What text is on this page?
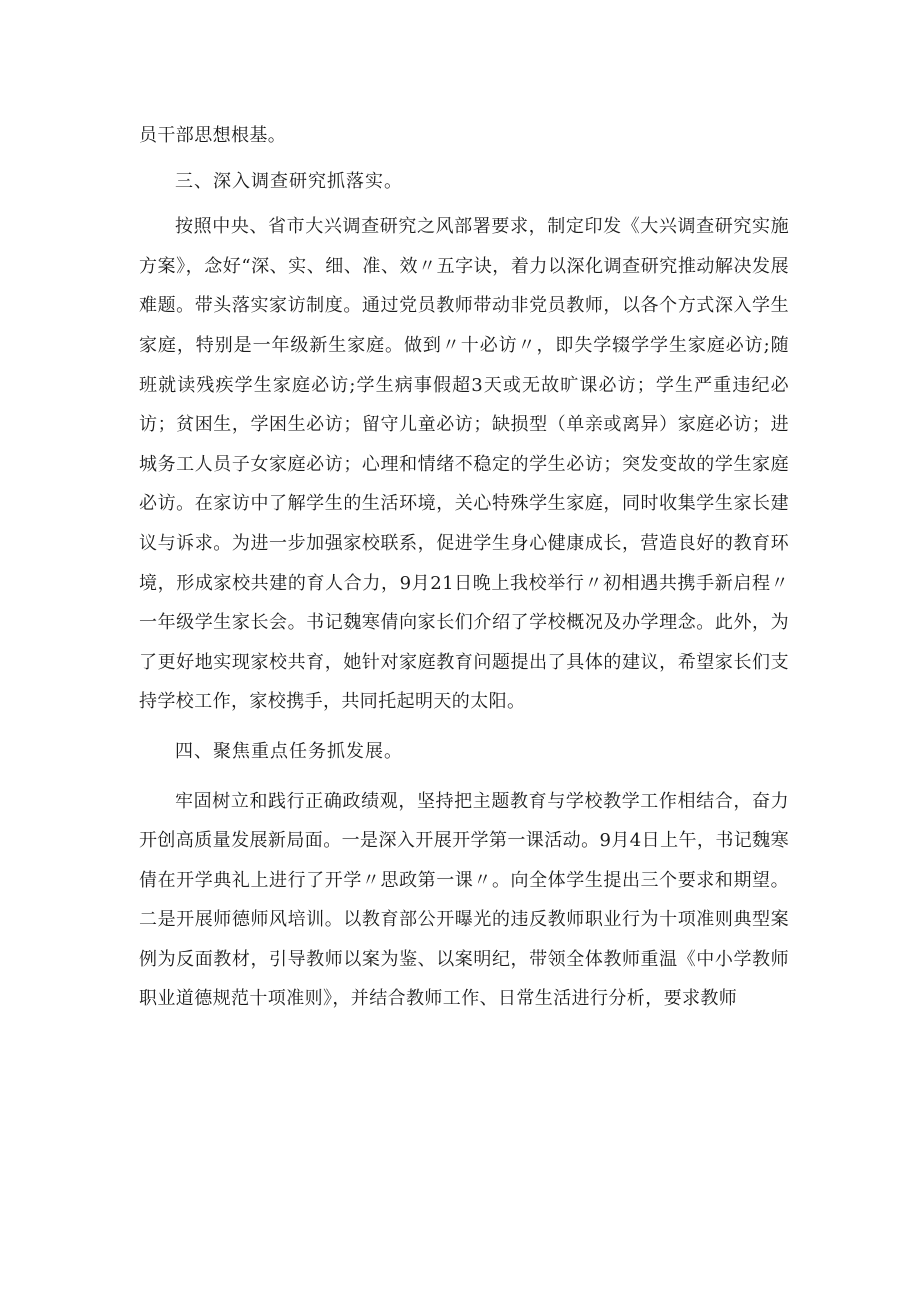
员干部思想根基。

三、深入调查研究抓落实。

按照中央、省市大兴调查研究之风部署要求，制定印发《大兴调查研究实施方案》，念好“深、实、细、准、效〃五字诀，着力以深化调查研究推动解决发展难题。带头落实家访制度。通过党员教师带动非党员教师，以各个方式深入学生家庭，特别是一年级新生家庭。做到〃十必访〃，即失学辍学学生家庭必访;随班就读残疾学生家庭必访;学生病事假超3天或无故旷课必访；学生严重违纪必访；贫困生，学困生必访；留守儿童必访；缺损型（单亲或离异）家庭必访；进城务工人员子女家庭必访；心理和情绪不稳定的学生必访；突发变故的学生家庭必访。在家访中了解学生的生活环境，关心特殊学生家庭，同时收集学生家长建议与诉求。为进一步加强家校联系，促进学生身心健康成长，营造良好的教育环境，形成家校共建的育人合力，9月21日晚上我校举行〃初相遇共携手新启程〃一年级学生家长会。书记魏寒倩向家长们介绍了学校概况及办学理念。此外，为了更好地实现家校共育，她针对家庭教育问题提出了具体的建议，希望家长们支持学校工作，家校携手，共同托起明天的太阳。

四、聚焦重点任务抓发展。

牢固树立和践行正确政绩观，坚持把主题教育与学校教学工作相结合，奋力开创高质量发展新局面。一是深入开展开学第一课活动。9月4日上午，书记魏寒倩在开学典礼上进行了开学〃思政第一课〃。向全体学生提出三个要求和期望。二是开展师德师风培训。以教育部公开曝光的违反教师职业行为十项准则典型案例为反面教材，引导教师以案为鉴、以案明纪，带领全体教师重温《中小学教师职业道德规范十项准则》，并结合教师工作、日常生活进行分析，要求教师
